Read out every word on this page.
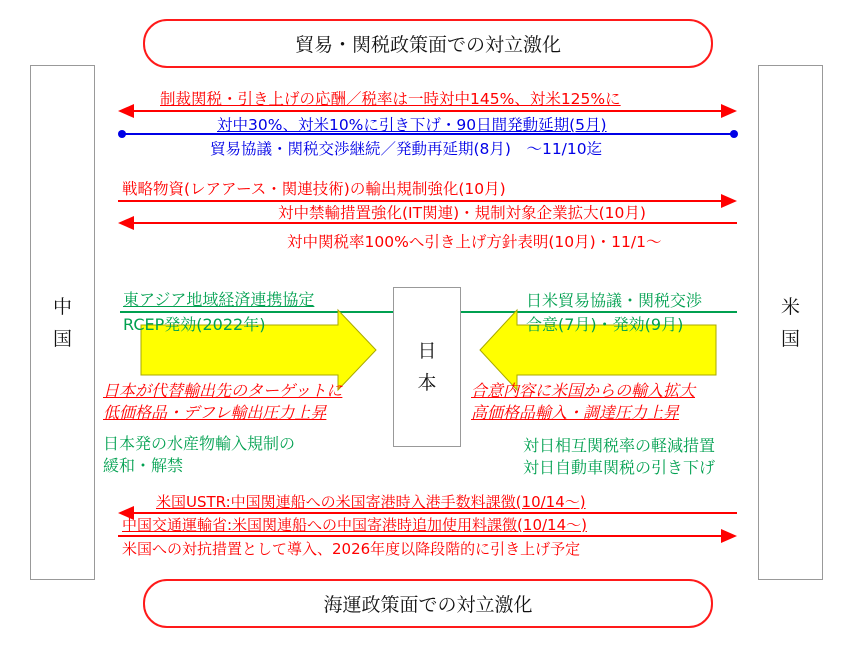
貿易・関税政策面での対立激化
中
国
米
国
日
本
制裁関税・引き上げの応酬／税率は一時対中145%、対米125%に
対中30%、対米10%に引き下げ・90日間発動延期(5月)
貿易協議・関税交渉継続／発動再延期(8月)　～11/10迄
戦略物資(レアアース・関連技術)の輸出規制強化(10月)
対中禁輸措置強化(IT関連)・規制対象企業拡大(10月)
対中関税率100%へ引き上げ方針表明(10月)・11/1～
東アジア地域経済連携協定
RCEP発効(2022年)
日本が代替輸出先のターゲットに
低価格品・デフレ輸出圧力上昇
日本発の水産物輸入規制の
緩和・解禁
日米貿易協議・関税交渉
合意(7月)・発効(9月)
合意内容に米国からの輸入拡大
高価格品輸入・調達圧力上昇
対日相互関税率の軽減措置
対日自動車関税の引き下げ
米国USTR:中国関連船への米国寄港時入港手数料課徴(10/14～)
中国交通運輸省:米国関連船への中国寄港時追加使用料課徴(10/14～)
米国への対抗措置として導入、2026年度以降段階的に引き上げ予定
海運政策面での対立激化
